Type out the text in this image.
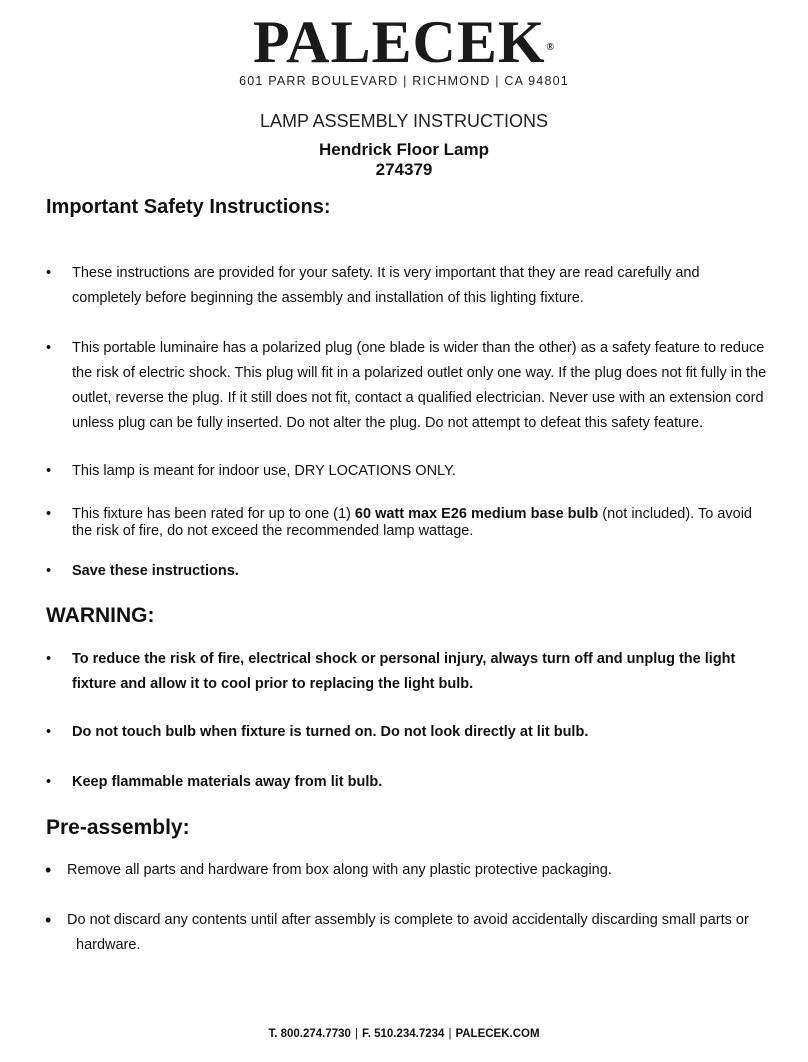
PALECEK®
601 PARR BOULEVARD | RICHMOND | CA 94801
LAMP ASSEMBLY INSTRUCTIONS
Hendrick Floor Lamp
274379
Important Safety Instructions:
• These instructions are provided for your safety. It is very important that they are read carefully and completely before beginning the assembly and installation of this lighting fixture.
• This portable luminaire has a polarized plug (one blade is wider than the other) as a safety feature to reduce the risk of electric shock. This plug will fit in a polarized outlet only one way. If the plug does not fit fully in the outlet, reverse the plug. If it still does not fit, contact a qualified electrician. Never use with an extension cord unless plug can be fully inserted. Do not alter the plug. Do not attempt to defeat this safety feature.
• This lamp is meant for indoor use, DRY LOCATIONS ONLY.
• This fixture has been rated for up to one (1) 60 watt max E26 medium base bulb (not included). To avoid the risk of fire, do not exceed the recommended lamp wattage.
• Save these instructions.
WARNING:
• To reduce the risk of fire, electrical shock or personal injury, always turn off and unplug the light fixture and allow it to cool prior to replacing the light bulb.
• Do not touch bulb when fixture is turned on. Do not look directly at lit bulb.
• Keep flammable materials away from lit bulb.
Pre-assembly:
• Remove all parts and hardware from box along with any plastic protective packaging.
• Do not discard any contents until after assembly is complete to avoid accidentally discarding small parts or
hardware.
T. 800.274.7730 | F. 510.234.7234 | PALECEK.COM
